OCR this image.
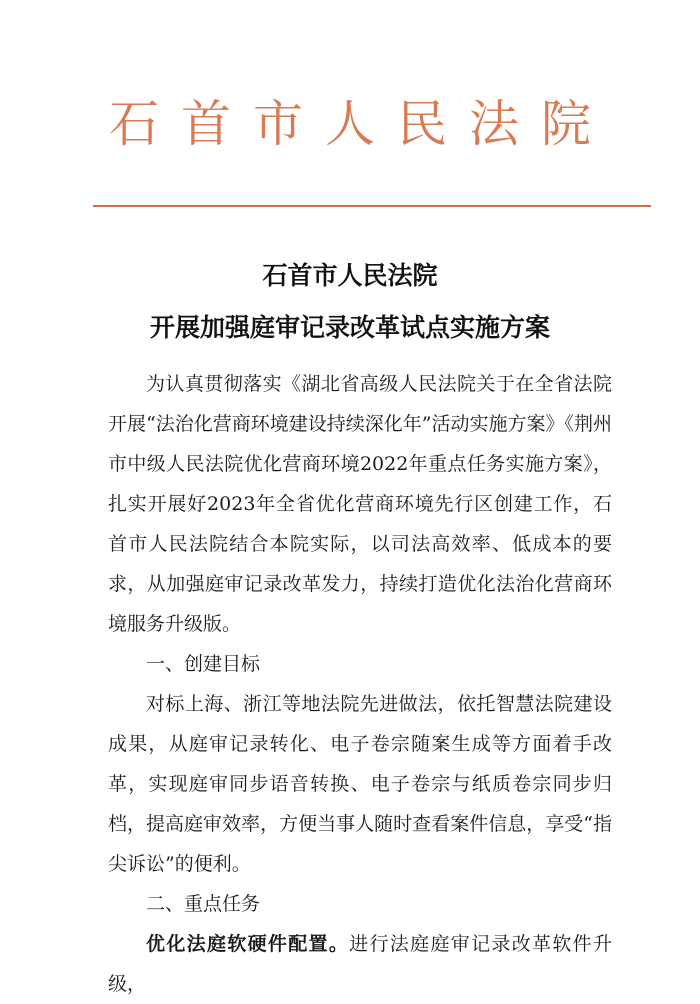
石首市人民法院
石首市人民法院
开展加强庭审记录改革试点实施方案

为认真贯彻落实《湖北省高级人民法院关于在全省法院开展“法治化营商环境建设持续深化年”活动实施方案》《荆州市中级人民法院优化营商环境2022年重点任务实施方案》，扎实开展好2023年全省优化营商环境先行区创建工作，石首市人民法院结合本院实际，以司法高效率、低成本的要求，从加强庭审记录改革发力，持续打造优化法治化营商环境服务升级版。

一、创建目标

对标上海、浙江等地法院先进做法，依托智慧法院建设成果，从庭审记录转化、电子卷宗随案生成等方面着手改革，实现庭审同步语音转换、电子卷宗与纸质卷宗同步归档，提高庭审效率，方便当事人随时查看案件信息，享受“指尖诉讼”的便利。

二、重点任务

优化法庭软硬件配置。进行法庭庭审记录改革软件升级，
